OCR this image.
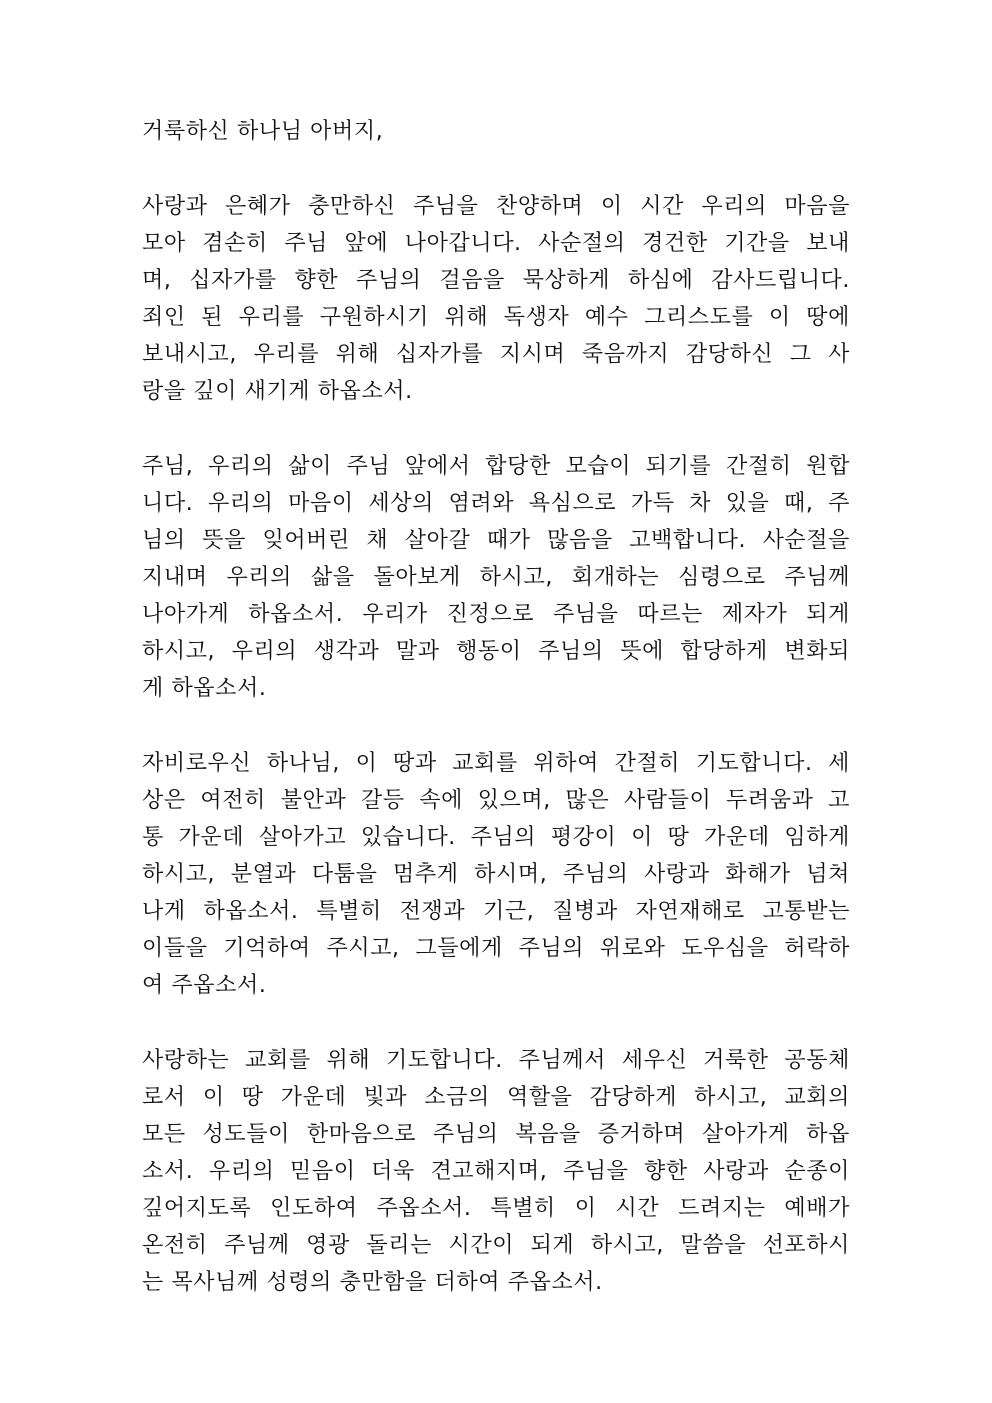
거룩하신 하나님 아버지,
사랑과 은혜가 충만하신 주님을 찬양하며 이 시간 우리의 마음을
모아 겸손히 주님 앞에 나아갑니다. 사순절의 경건한 기간을 보내
며, 십자가를 향한 주님의 걸음을 묵상하게 하심에 감사드립니다.
죄인 된 우리를 구원하시기 위해 독생자 예수 그리스도를 이 땅에
보내시고, 우리를 위해 십자가를 지시며 죽음까지 감당하신 그 사
랑을 깊이 새기게 하옵소서.
주님, 우리의 삶이 주님 앞에서 합당한 모습이 되기를 간절히 원합
니다. 우리의 마음이 세상의 염려와 욕심으로 가득 차 있을 때, 주
님의 뜻을 잊어버린 채 살아갈 때가 많음을 고백합니다. 사순절을
지내며 우리의 삶을 돌아보게 하시고, 회개하는 심령으로 주님께
나아가게 하옵소서. 우리가 진정으로 주님을 따르는 제자가 되게
하시고, 우리의 생각과 말과 행동이 주님의 뜻에 합당하게 변화되
게 하옵소서.
자비로우신 하나님, 이 땅과 교회를 위하여 간절히 기도합니다. 세
상은 여전히 불안과 갈등 속에 있으며, 많은 사람들이 두려움과 고
통 가운데 살아가고 있습니다. 주님의 평강이 이 땅 가운데 임하게
하시고, 분열과 다툼을 멈추게 하시며, 주님의 사랑과 화해가 넘쳐
나게 하옵소서. 특별히 전쟁과 기근, 질병과 자연재해로 고통받는
이들을 기억하여 주시고, 그들에게 주님의 위로와 도우심을 허락하
여 주옵소서.
사랑하는 교회를 위해 기도합니다. 주님께서 세우신 거룩한 공동체
로서 이 땅 가운데 빛과 소금의 역할을 감당하게 하시고, 교회의
모든 성도들이 한마음으로 주님의 복음을 증거하며 살아가게 하옵
소서. 우리의 믿음이 더욱 견고해지며, 주님을 향한 사랑과 순종이
깊어지도록 인도하여 주옵소서. 특별히 이 시간 드려지는 예배가
온전히 주님께 영광 돌리는 시간이 되게 하시고, 말씀을 선포하시
는 목사님께 성령의 충만함을 더하여 주옵소서.
